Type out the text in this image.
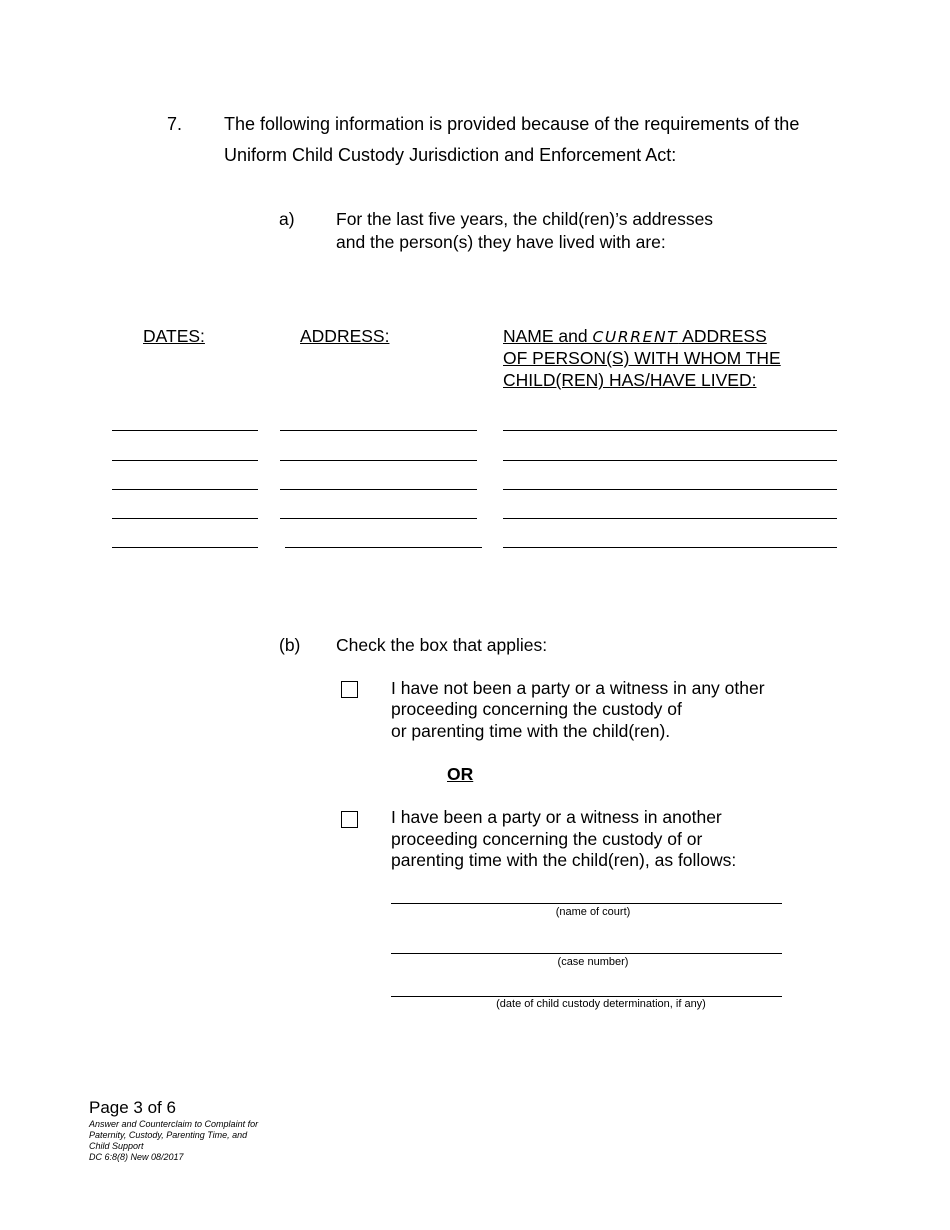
7. The following information is provided because of the requirements of the
Uniform Child Custody Jurisdiction and Enforcement Act:
a) For the last five years, the child(ren)’s addresses
and the person(s) they have lived with are:
DATES:	ADDRESS:	NAME and CURRENT ADDRESS
OF PERSON(S) WITH WHOM THE
CHILD(REN) HAS/HAVE LIVED:
(b) Check the box that applies:
I have not been a party or a witness in any other
proceeding concerning the custody of
or parenting time with the child(ren).
OR
I have been a party or a witness in another
proceeding concerning the custody of or
parenting time with the child(ren), as follows:
(name of court)
(case number)
(date of child custody determination, if any)
Page 3 of 6
Answer and Counterclaim to Complaint for
Paternity, Custody, Parenting Time, and
Child Support
DC 6:8(8) New 08/2017
